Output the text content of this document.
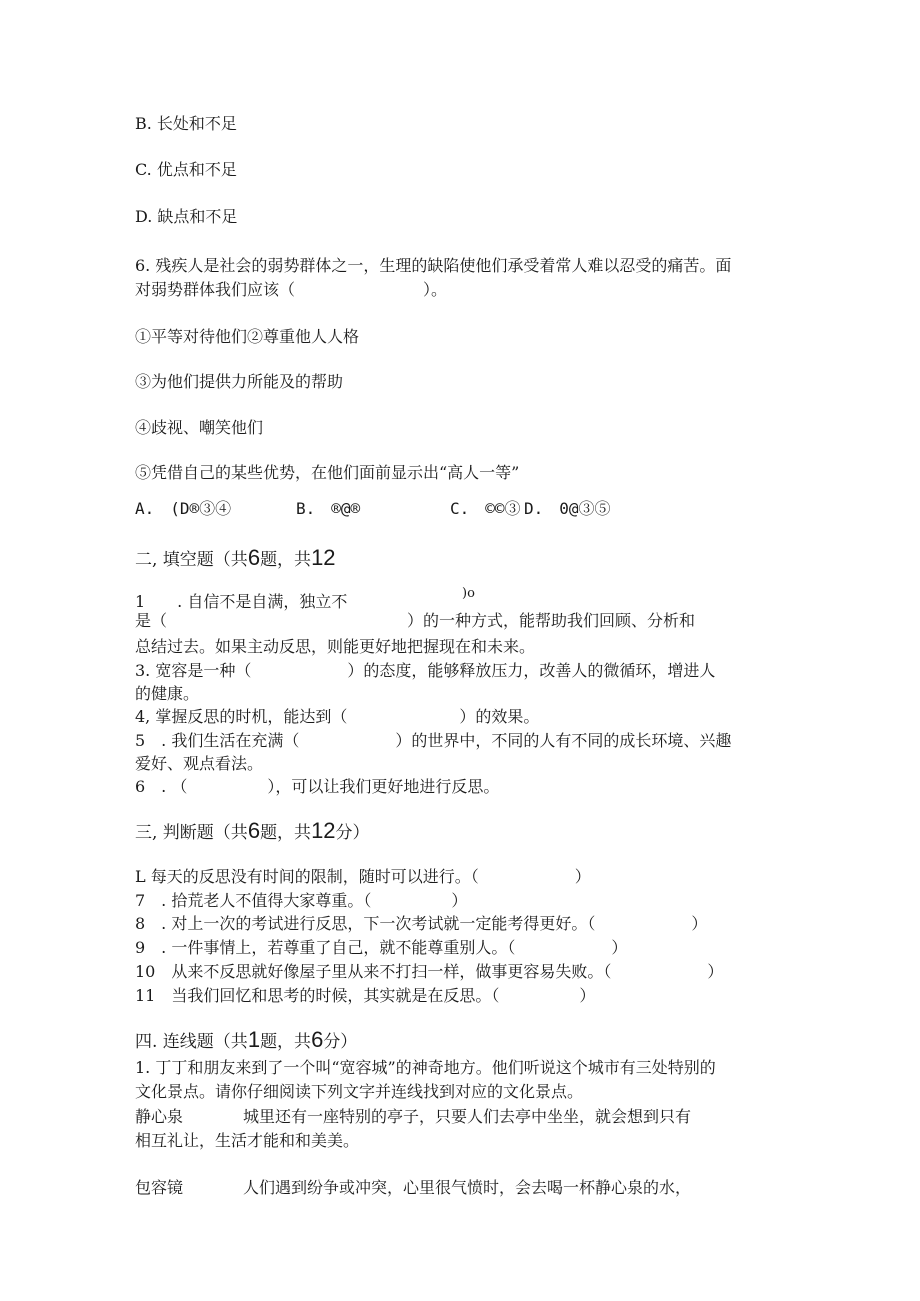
B. 长处和不足
C. 优点和不足
D. 缺点和不足
6. 残疾人是社会的弱势群体之一，生理的缺陷使他们承受着常人难以忍受的痛苦。面
对弱势群体我们应该（　　　　　　　　）。
①平等对待他们②尊重他人人格
③为他们提供力所能及的帮助
④歧视、嘲笑他们
⑤凭借自己的某些优势，在他们面前显示出“高人一等”
A.　(D®③④	B.　®@®	C.　©©③ D.　0@③⑤
二, 填空题（共6题，共12
)o
1　　. 自信不是自满，独立不
是（　　　　　　　　　　　　　　　）的一种方式，能帮助我们回顾、分析和
总结过去。如果主动反思，则能更好地把握现在和未来。
3. 宽容是一种（　　　　　　）的态度，能够释放压力，改善人的微循环，增进人
的健康。
4, 掌握反思的时机，能达到（　　　　　　　）的效果。
5　. 我们生活在充满（　　　　　　）的世界中，不同的人有不同的成长环境、兴趣
爱好、观点看法。
6　. （　　　　　），可以让我们更好地进行反思。
三, 判断题（共6题，共12分）
L 每天的反思没有时间的限制，随时可以进行。（　　　　　　）
7　. 拾荒老人不值得大家尊重。（　　　　　）
8　. 对上一次的考试进行反思，下一次考试就一定能考得更好。（　　　　　　）
9　. 一件事情上，若尊重了自己，就不能尊重别人。（　　　　　　）
10　从来不反思就好像屋子里从来不打扫一样，做事更容易失败。（　　　　　　）
11　当我们回忆和思考的时候，其实就是在反思。（　　　　　）
四. 连线题（共1题，共6分）
1. 丁丁和朋友来到了一个叫“宽容城”的神奇地方。他们听说这个城市有三处特别的
文化景点。请你仔细阅读下列文字并连线找到对应的文化景点。
静心泉	城里还有一座特别的亭子，只要人们去亭中坐坐，就会想到只有
相互礼让，生活才能和和美美。
包容镜	人们遇到纷争或冲突，心里很气愤时，会去喝一杯静心泉的水，
